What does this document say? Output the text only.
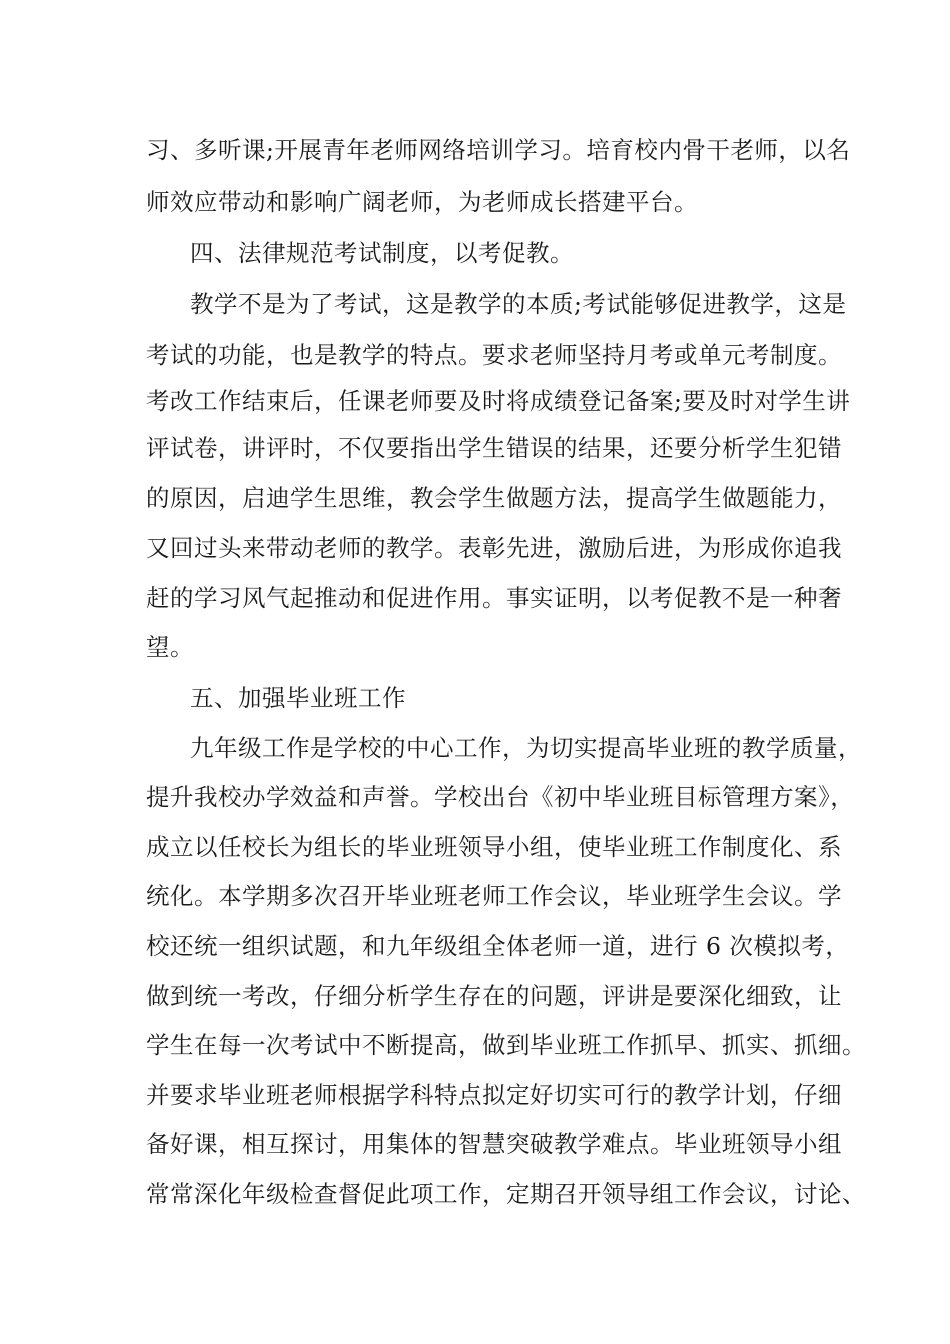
习、多听课;开展青年老师网络培训学习。培育校内骨干老师，以名
师效应带动和影响广阔老师，为老师成长搭建平台。
四、法律规范考试制度，以考促教。
教学不是为了考试，这是教学的本质;考试能够促进教学，这是
考试的功能，也是教学的特点。要求老师坚持月考或单元考制度。
考改工作结束后，任课老师要及时将成绩登记备案;要及时对学生讲
评试卷，讲评时，不仅要指出学生错误的结果，还要分析学生犯错
的原因，启迪学生思维，教会学生做题方法，提高学生做题能力，
又回过头来带动老师的教学。表彰先进，激励后进，为形成你追我
赶的学习风气起推动和促进作用。事实证明，以考促教不是一种奢
望。
五、加强毕业班工作
九年级工作是学校的中心工作，为切实提高毕业班的教学质量，
提升我校办学效益和声誉。学校出台《初中毕业班目标管理方案》，
成立以任校长为组长的毕业班领导小组，使毕业班工作制度化、系
统化。本学期多次召开毕业班老师工作会议，毕业班学生会议。学
校还统一组织试题，和九年级组全体老师一道，进行 6 次模拟考，
做到统一考改，仔细分析学生存在的问题，评讲是要深化细致，让
学生在每一次考试中不断提高，做到毕业班工作抓早、抓实、抓细。
并要求毕业班老师根据学科特点拟定好切实可行的教学计划，仔细
备好课，相互探讨，用集体的智慧突破教学难点。毕业班领导小组
常常深化年级检查督促此项工作，定期召开领导组工作会议，讨论、
